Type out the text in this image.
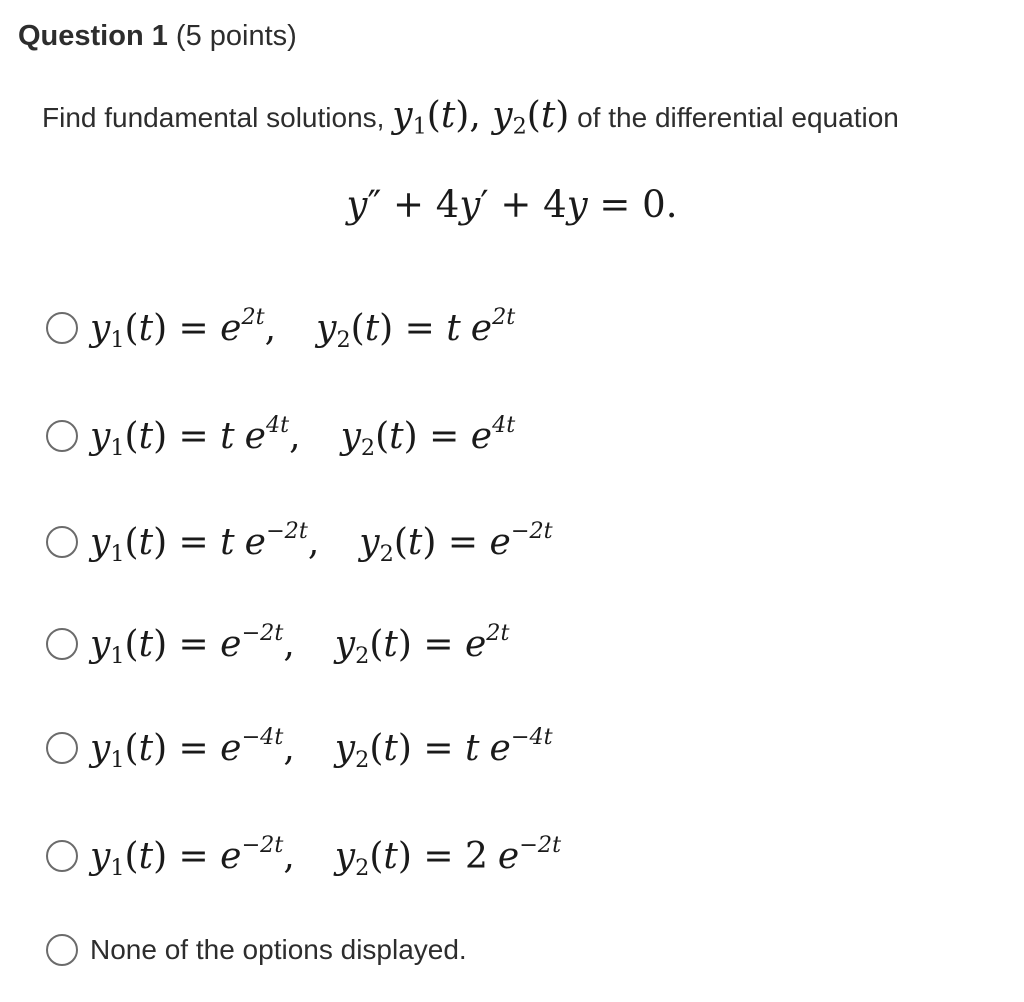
Question 1 (5 points)
Find fundamental solutions, y1(t), y2(t) of the differential equation
y″ + 4y′ + 4y = 0.
$y1(t) = e^{2t}$, y2(t) = t $e^{2t}$
y1(t) = t $e^{4t}$, $y2(t) = e^{4t}$
y1(t) = t $e^{-2t}$, $y2(t) = e^{-2t}$
$y1(t) = e^{-2t}$, $y2(t) = e^{2t}$
$y1(t) = e^{-4t}$, y2(t) = t $e^{-4t}$
$y1(t) = e^{-2t}$, y2(t) = 2 $e^{-2t}$
None of the options displayed.
